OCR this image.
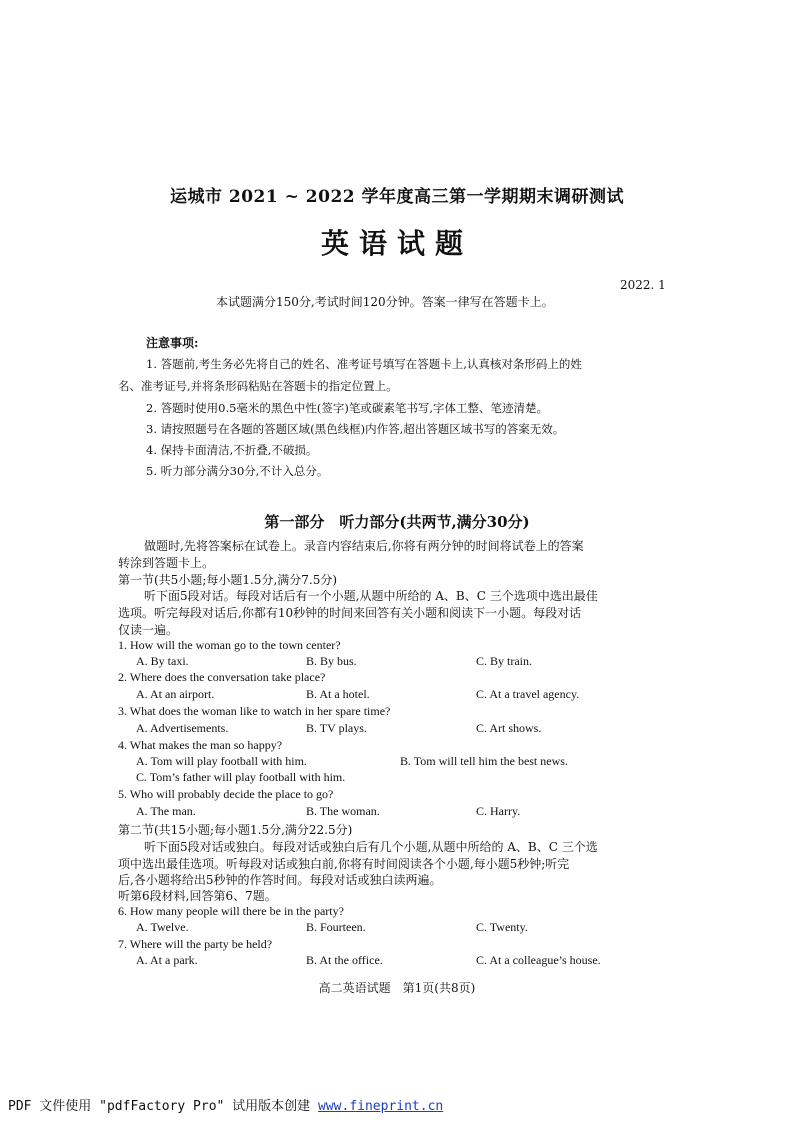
运城市 2021 ~ 2022 学年度高三第一学期期末调研测试
英语试题
2022. 1
本试题满分150分,考试时间120分钟。答案一律写在答题卡上。
注意事项:
1. 答题前,考生务必先将自己的姓名、准考证号填写在答题卡上,认真核对条形码上的姓
名、准考证号,并将条形码粘贴在答题卡的指定位置上。
2. 答题时使用0.5毫米的黑色中性(签字)笔或碳素笔书写,字体工整、笔迹清楚。
3. 请按照题号在各题的答题区域(黑色线框)内作答,超出答题区域书写的答案无效。
4. 保持卡面清洁,不折叠,不破损。
5. 听力部分满分30分,不计入总分。
第一部分　听力部分(共两节,满分30分)
做题时,先将答案标在试卷上。录音内容结束后,你将有两分钟的时间将试卷上的答案
转涂到答题卡上。
第一节(共5小题;每小题1.5分,满分7.5分)
听下面5段对话。每段对话后有一个小题,从题中所给的 A、B、C 三个选项中选出最佳
选项。听完每段对话后,你都有10秒钟的时间来回答有关小题和阅读下一小题。每段对话
仅读一遍。
1. How will the woman go to the town center?
A. By taxi.	B. By bus.	C. By train.
2. Where does the conversation take place?
A. At an airport.	B. At a hotel.	C. At a travel agency.
3. What does the woman like to watch in her spare time?
A. Advertisements.	B. TV plays.	C. Art shows.
4. What makes the man so happy?
A. Tom will play football with him.	B. Tom will tell him the best news.
C. Tom’s father will play football with him.
5. Who will probably decide the place to go?
A. The man.	B. The woman.	C. Harry.
第二节(共15小题;每小题1.5分,满分22.5分)
听下面5段对话或独白。每段对话或独白后有几个小题,从题中所给的 A、B、C 三个选
项中选出最佳选项。听每段对话或独白前,你将有时间阅读各个小题,每小题5秒钟;听完
后,各小题将给出5秒钟的作答时间。每段对话或独白读两遍。
听第6段材料,回答第6、7题。
6. How many people will there be in the party?
A. Twelve.	B. Fourteen.	C. Twenty.
7. Where will the party be held?
A. At a park.	B. At the office.	C. At a colleague’s house.
高二英语试题　第1页(共8页)
PDF 文件使用 "pdfFactory Pro" 试用版本创建 www.fineprint.cn
